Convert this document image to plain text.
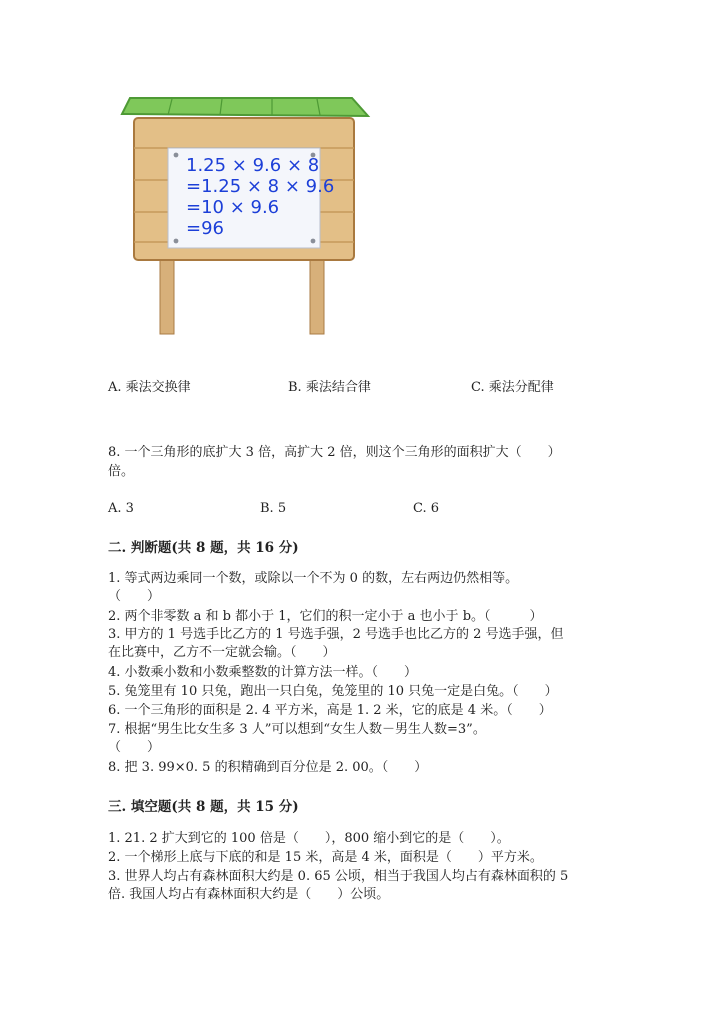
1.25 × 9.6 × 8
=1.25 × 8 × 9.6
=10 × 9.6
=96
A. 乘法交换律	B. 乘法结合律	C. 乘法分配律
8. 一个三角形的底扩大 3 倍，高扩大 2 倍，则这个三角形的面积扩大（　　）
倍。
A. 3	B. 5	C. 6
二. 判断题(共 8 题，共 16 分)
1. 等式两边乘同一个数，或除以一个不为 0 的数，左右两边仍然相等。
（　　）
2. 两个非零数 a 和 b 都小于 1，它们的积一定小于 a 也小于 b。（　　　）
3. 甲方的 1 号选手比乙方的 1 号选手强，2 号选手也比乙方的 2 号选手强，但
在比赛中，乙方不一定就会输。（　　）
4. 小数乘小数和小数乘整数的计算方法一样。（　　）
5. 兔笼里有 10 只兔，跑出一只白兔，兔笼里的 10 只兔一定是白兔。（　　）
6. 一个三角形的面积是 2. 4 平方米，高是 1. 2 米，它的底是 4 米。（　　）
7. 根据“男生比女生多 3 人”可以想到“女生人数－男生人数=3”。
（　　）
8. 把 3. 99×0. 5 的积精确到百分位是 2. 00。（　　）
三. 填空题(共 8 题，共 15 分)
1. 21. 2 扩大到它的 100 倍是（　　），800 缩小到它的是（　　）。
2. 一个梯形上底与下底的和是 15 米，高是 4 米，面积是（　　）平方米。
3. 世界人均占有森林面积大约是 0. 65 公顷，相当于我国人均占有森林面积的 5
倍. 我国人均占有森林面积大约是（　　）公顷。
